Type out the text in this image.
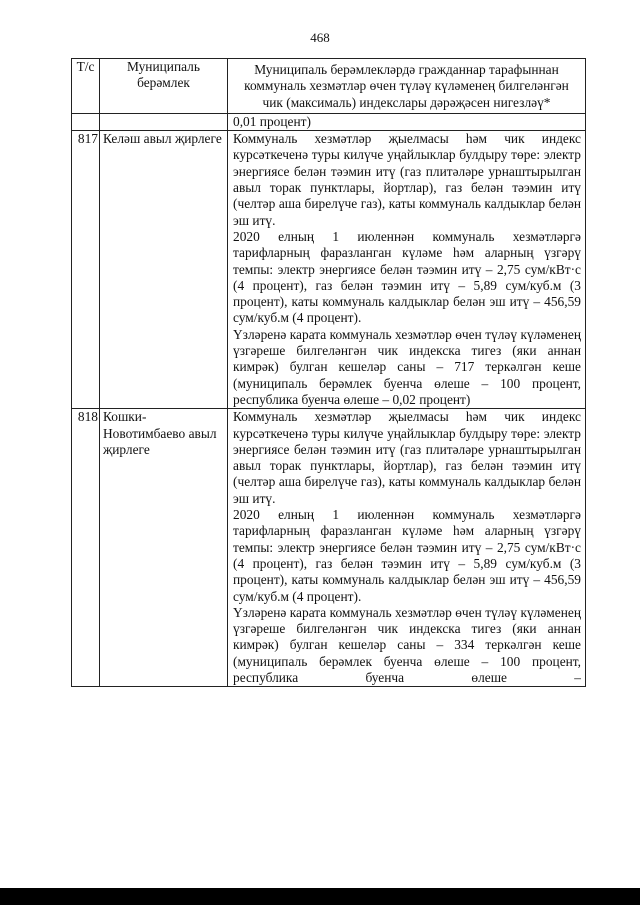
468
Т/с	Муниципаль берәмлек	Муниципаль берәмлекләрдә гражданнар тарафыннан коммуналь хезмәтләр өчен түләү күләменең билгеләнгән чик (максималь) индекслары дәрәҗәсен нигезләү*

		0,01 процент)

817	Келәш авыл җирлеге	Коммуналь хезмәтләр җыелмасы һәм чик индекс курсәткеченә туры килүче уңайлыклар булдыру төре: электр энергиясе белән тәэмин итү (газ плитәләре урнаштырылган авыл торак пунктлары, йортлар), газ белән тәэмин итү (челтәр аша бирелүче газ), каты коммуналь калдыклар белән эш итү.

2020 елның 1 июленнән коммуналь хезмәтләргә тарифларның фаразланган күләме һәм аларның үзгәрү темпы: электр энергиясе белән тәэмин итү – 2,75 сум/кВт·с (4 процент), газ белән тәэмин итү – 5,89 сум/куб.м (3 процент), каты коммуналь калдыклар белән эш итү – 456,59 сум/куб.м (4 процент).

Үзләренә карата коммуналь хезмәтләр өчен түләү күләменең үзгәреше билгеләнгән чик индекска тигез (яки аннан кимрәк) булган кешеләр саны – 717 теркәлгән кеше (муниципаль берәмлек буенча өлеше – 100 процент, республика буенча өлеше – 0,02 процент)

818	Кошки-Новотимбаево авыл җирлеге	Коммуналь хезмәтләр җыелмасы һәм чик индекс курсәткеченә туры килүче уңайлыклар булдыру төре: электр энергиясе белән тәэмин итү (газ плитәләре урнаштырылган авыл торак пунктлары, йортлар), газ белән тәэмин итү (челтәр аша бирелүче газ), каты коммуналь калдыклар белән эш итү.

2020 елның 1 июленнән коммуналь хезмәтләргә тарифларның фаразланган күләме һәм аларның үзгәрү темпы: электр энергиясе белән тәэмин итү – 2,75 сум/кВт·с (4 процент), газ белән тәэмин итү – 5,89 сум/куб.м (3 процент), каты коммуналь калдыклар белән эш итү – 456,59 сум/куб.м (4 процент).

Үзләренә карата коммуналь хезмәтләр өчен түләү күләменең үзгәреше билгеләнгән чик индекска тигез (яки аннан кимрәк) булган кешеләр саны – 334 теркәлгән кеше (муниципаль берәмлек буенча өлеше – 100 процент, республика буенча өлеше –
